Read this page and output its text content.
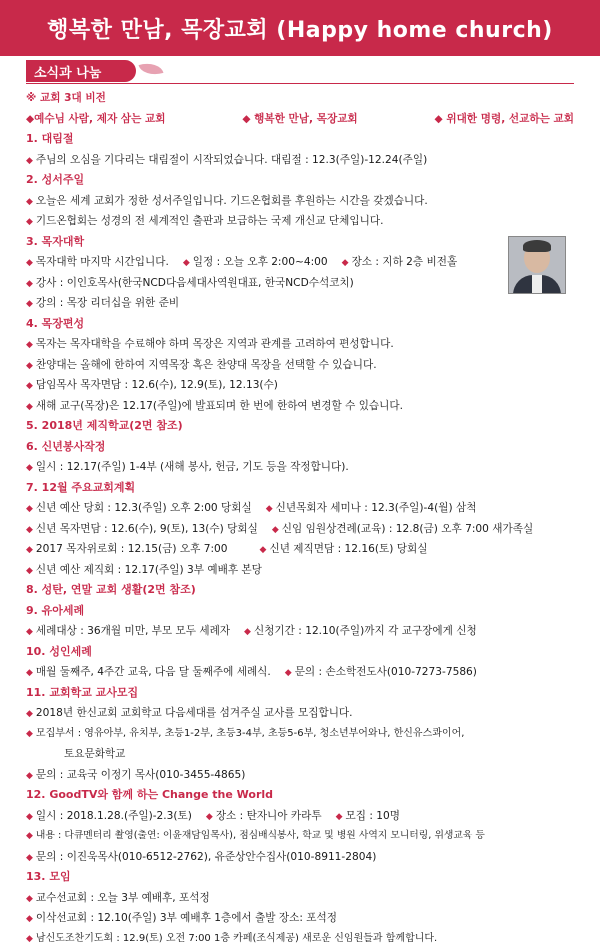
행복한 만남, 목장교회 (Happy home church)
소식과 나눔
※ 교회 3대 비전
◆예수님 사람, 제자 삼는 교회	◆ 행복한 만남, 목장교회	◆ 위대한 명령, 선교하는 교회
1. 대림절
◆ 주님의 오심을 기다리는 대림절이 시작되었습니다. 대림절 : 12.3(주일)-12.24(주일)
2. 성서주일
◆ 오늘은 세계 교회가 정한 성서주일입니다. 기드온협회를 후원하는 시간을 갖겠습니다.
◆ 기드온협회는 성경의 전 세계적인 출판과 보급하는 국제 개신교 단체입니다.
3. 목자대학
◆ 목자대학 마지막 시간입니다. ◆ 일정 : 오늘 오후 2:00~4:00 ◆ 장소 : 지하 2층 비전홀
◆ 강사 : 이인호목사(한국NCD다음세대사역원대표, 한국NCD수석코치)
◆ 강의 : 목장 리더십을 위한 준비
4. 목장편성
◆ 목자는 목자대학을 수료해야 하며 목장은 지역과 관계를 고려하여 편성합니다.
◆ 찬양대는 올해에 한하여 지역목장 혹은 찬양대 목장을 선택할 수 있습니다.
◆ 담임목사 목자면담 : 12.6(수), 12.9(토), 12.13(수)
◆ 새해 교구(목장)은 12.17(주일)에 발표되며 한 번에 한하여 변경할 수 있습니다.
5. 2018년 제직학교(2면 참조)
6. 신년봉사작정
◆ 일시 : 12.17(주일) 1-4부 (새해 봉사, 헌금, 기도 등을 작정합니다).
7. 12월 주요교회계획
◆ 신년 예산 당회 : 12.3(주일) 오후 2:00 당회실 ◆ 신년목회자 세미나 : 12.3(주일)-4(월) 삼척
◆ 신년 목자면담 : 12.6(수), 9(토), 13(수) 당회실 ◆ 신임 임원상견례(교육) : 12.8(금) 오후 7:00 새가족실
◆ 2017 목자위로회 : 12.15(금) 오후 7:00	◆ 신년 제직면담 : 12.16(토) 당회실
◆ 신년 예산 제직회 : 12.17(주일) 3부 예배후 본당
8. 성탄, 연말 교회 생활(2면 참조)
9. 유아세례
◆ 세례대상 : 36개월 미만, 부모 모두 세례자 ◆ 신청기간 : 12.10(주일)까지 각 교구장에게 신청
10. 성인세례
◆ 매월 둘째주, 4주간 교육, 다음 달 둘째주에 세례식. ◆ 문의 : 손소학전도사(010-7273-7586)
11. 교회학교 교사모집
◆ 2018년 한신교회 교회학교 다음세대를 섬겨주실 교사를 모집합니다.
◆ 모집부서 : 영유아부, 유치부, 초등1-2부, 초등3-4부, 초등5-6부, 청소년부어와나, 한신유스콰이어,
토요문화학교
◆ 문의 : 교육국 이정기 목사(010-3455-4865)
12. GoodTV와 함께 하는 Change the World
◆ 일시 : 2018.1.28.(주일)-2.3(토) ◆ 장소 : 탄자니아 카라투 ◆ 모집 : 10명
◆ 내용 : 다큐멘터리 촬영(출연: 이윤재담임목사), 점심배식봉사, 학교 및 병원 사역지 모니터링, 위생교육 등
◆ 문의 : 이진욱목사(010-6512-2762), 유준상안수집사(010-8911-2804)
13. 모임
◆ 교수선교회 : 오늘 3부 예배후, 포석정
◆ 이삭선교회 : 12.10(주일) 3부 예배후 1층에서 출발 장소: 포석정
◆ 남신도조찬기도회 : 12.9(토) 오전 7:00 1층 카페(조식제공) 새로운 신임원들과 함께합니다.
